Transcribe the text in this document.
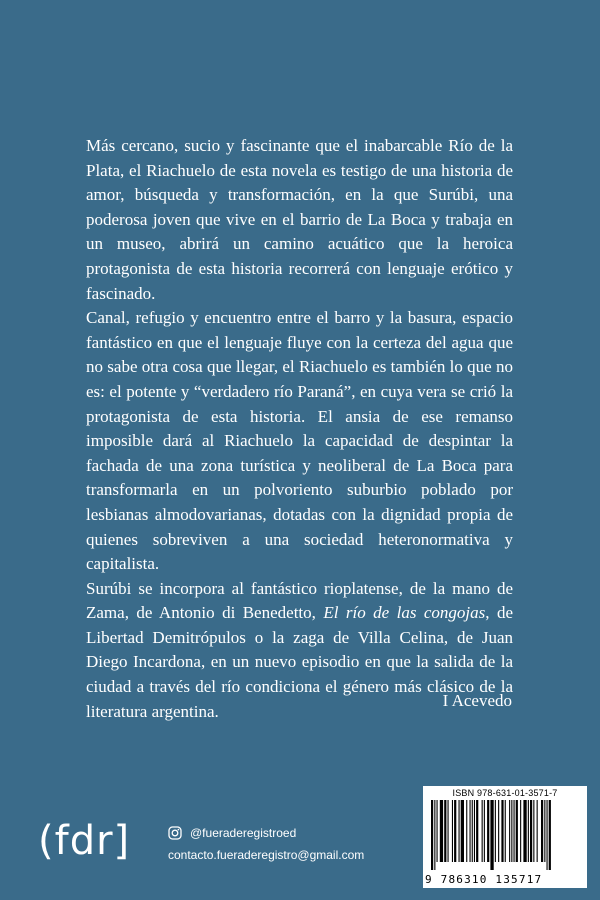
Más cercano, sucio y fascinante que el inabarcable Río de la Plata, el Riachuelo de esta novela es testigo de una historia de amor, búsqueda y transformación, en la que Surúbi, una poderosa joven que vive en el barrio de La Boca y trabaja en un museo, abrirá un camino acuático que la heroica protagonista de esta historia recorrerá con lenguaje erótico y fascinado.

Canal, refugio y encuentro entre el barro y la basura, espacio fantástico en que el lenguaje fluye con la certeza del agua que no sabe otra cosa que llegar, el Riachuelo es también lo que no es: el potente y “verdadero río Paraná”, en cuya vera se crió la protagonista de esta historia. El ansia de ese remanso imposible dará al Riachuelo la capacidad de despintar la fachada de una zona turística y neoliberal de La Boca para transformarla en un polvoriento suburbio poblado por lesbianas almodovarianas, dotadas con la dignidad propia de quienes sobreviven a una sociedad heteronormativa y capitalista.

Surúbi se incorpora al fantástico rioplatense, de la mano de Zama, de Antonio di Benedetto, El río de las congojas, de Libertad Demitrópulos o la zaga de Villa Celina, de Juan Diego Incardona, en un nuevo episodio en que la salida de la ciudad a través del río condiciona el género más clásico de la literatura argentina.

I Acevedo
(fdr]	@fueraderegistroed
contacto.fueraderegistro@gmail.com
ISBN 978-631-01-3571-7
9 786310 135717
